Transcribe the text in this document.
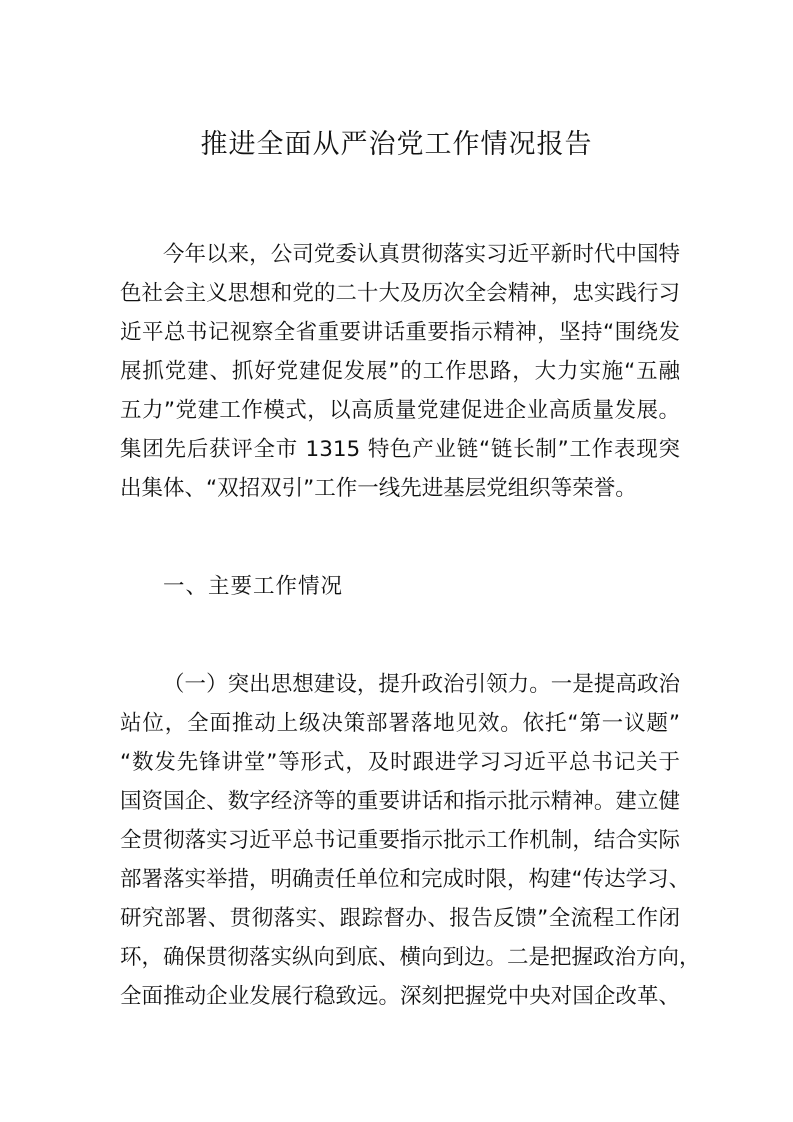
推进全面从严治党工作情况报告

今年以来，公司党委认真贯彻落实习近平新时代中国特

色社会主义思想和党的二十大及历次全会精神，忠实践行习

近平总书记视察全省重要讲话重要指示精神，坚持“围绕发

展抓党建、抓好党建促发展”的工作思路，大力实施“五融

五力”党建工作模式，以高质量党建促进企业高质量发展。

集团先后获评全市 1315 特色产业链“链长制”工作表现突

出集体、“双招双引”工作一线先进基层党组织等荣誉。

一、主要工作情况

（一）突出思想建设，提升政治引领力。一是提高政治

站位，全面推动上级决策部署落地见效。依托“第一议题”

“数发先锋讲堂”等形式，及时跟进学习习近平总书记关于

国资国企、数字经济等的重要讲话和指示批示精神。建立健

全贯彻落实习近平总书记重要指示批示工作机制，结合实际

部署落实举措，明确责任单位和完成时限，构建“传达学习、

研究部署、贯彻落实、跟踪督办、报告反馈”全流程工作闭

环，确保贯彻落实纵向到底、横向到边。二是把握政治方向，

全面推动企业发展行稳致远。深刻把握党中央对国企改革、
